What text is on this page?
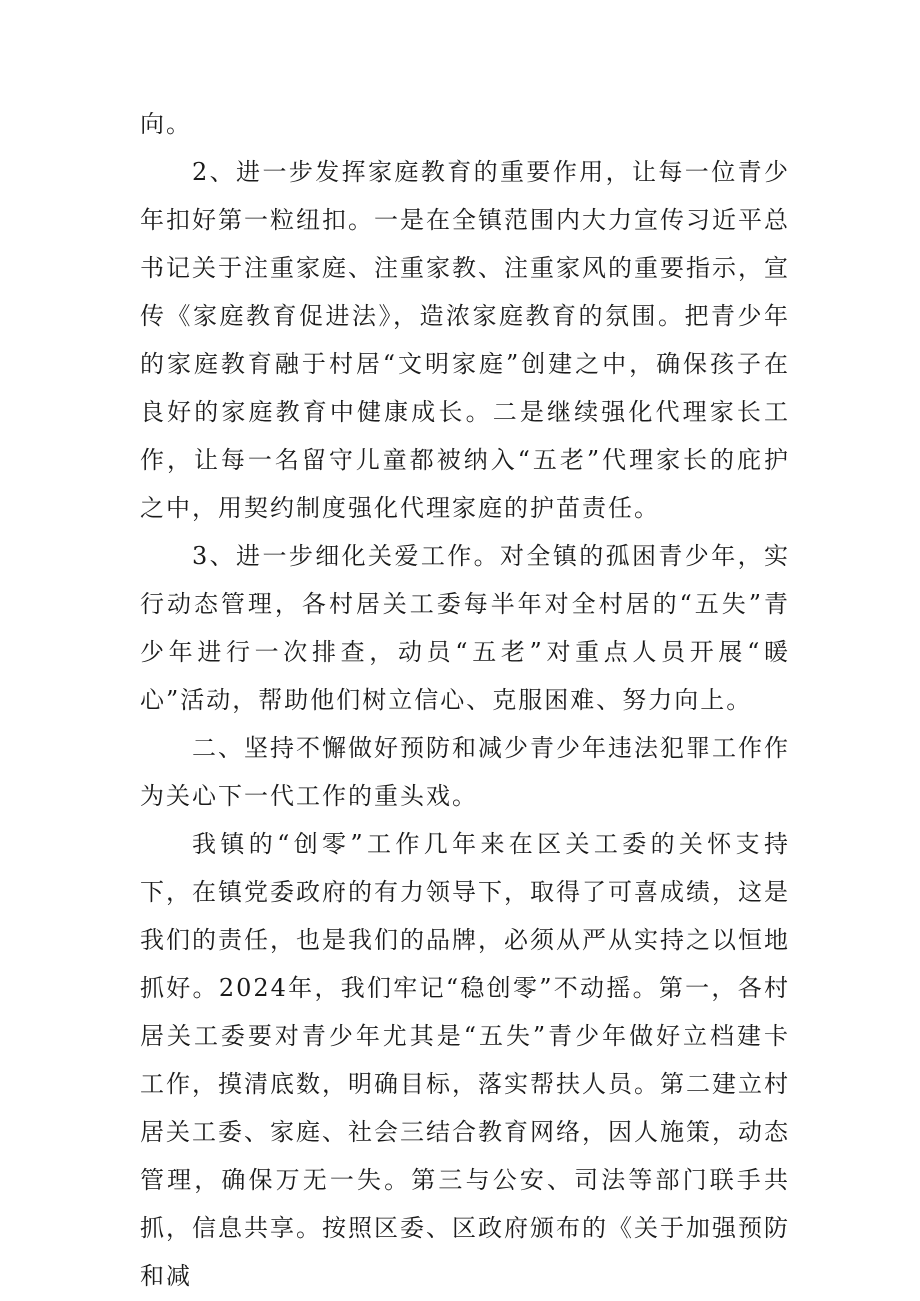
向。

2、进一步发挥家庭教育的重要作用，让每一位青少年扣好第一粒纽扣。一是在全镇范围内大力宣传习近平总书记关于注重家庭、注重家教、注重家风的重要指示，宣传《家庭教育促进法》，造浓家庭教育的氛围。把青少年的家庭教育融于村居“文明家庭”创建之中，确保孩子在良好的家庭教育中健康成长。二是继续强化代理家长工作，让每一名留守儿童都被纳入“五老”代理家长的庇护之中，用契约制度强化代理家庭的护苗责任。

3、进一步细化关爱工作。对全镇的孤困青少年，实行动态管理，各村居关工委每半年对全村居的“五失”青少年进行一次排查，动员“五老”对重点人员开展“暖心”活动，帮助他们树立信心、克服困难、努力向上。

二、坚持不懈做好预防和减少青少年违法犯罪工作作为关心下一代工作的重头戏。

我镇的“创零”工作几年来在区关工委的关怀支持下，在镇党委政府的有力领导下，取得了可喜成绩，这是我们的责任，也是我们的品牌，必须从严从实持之以恒地抓好。2024年，我们牢记“稳创零”不动摇。第一，各村居关工委要对青少年尤其是“五失”青少年做好立档建卡工作，摸清底数，明确目标，落实帮扶人员。第二建立村居关工委、家庭、社会三结合教育网络，因人施策，动态管理，确保万无一失。第三与公安、司法等部门联手共抓，信息共享。按照区委、区政府颁布的《关于加强预防和减
